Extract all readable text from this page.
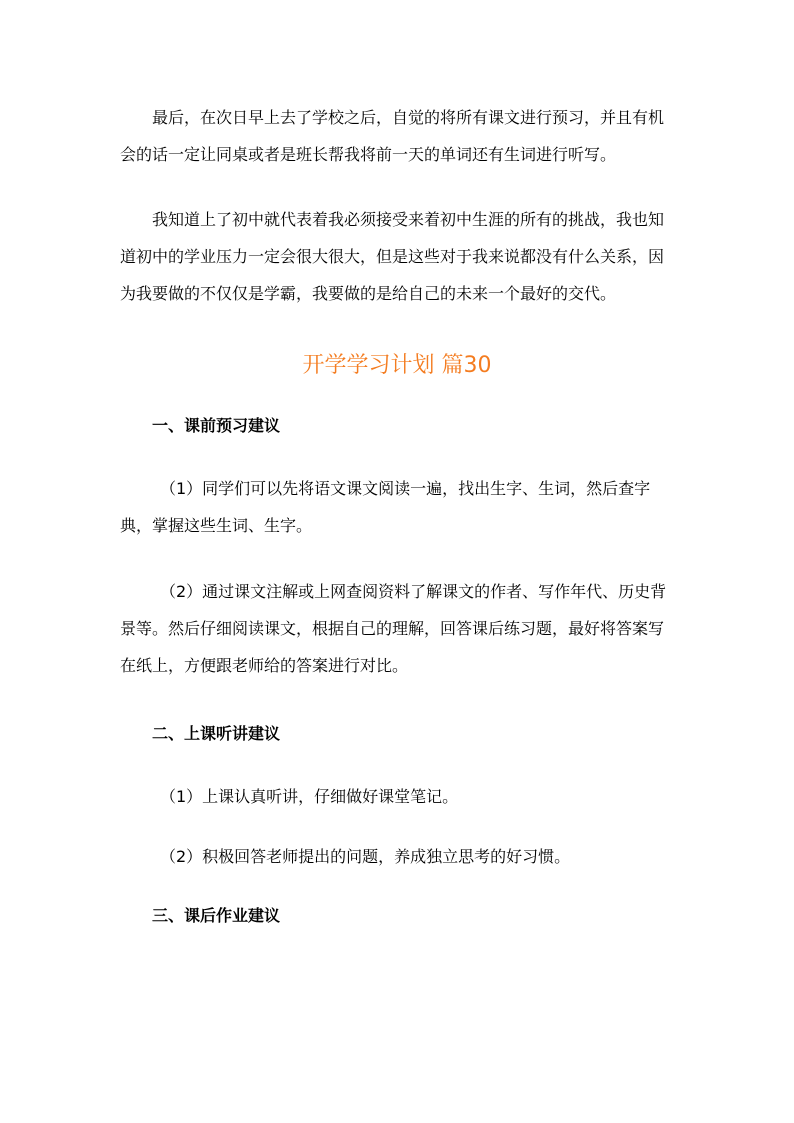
最后，在次日早上去了学校之后，自觉的将所有课文进行预习，并且有机会的话一定让同桌或者是班长帮我将前一天的单词还有生词进行听写。

我知道上了初中就代表着我必须接受来着初中生涯的所有的挑战，我也知道初中的学业压力一定会很大很大，但是这些对于我来说都没有什么关系，因为我要做的不仅仅是学霸，我要做的是给自己的未来一个最好的交代。

开学学习计划 篇30

一、课前预习建议

（1）同学们可以先将语文课文阅读一遍，找出生字、生词，然后查字典，掌握这些生词、生字。

（2）通过课文注解或上网查阅资料了解课文的作者、写作年代、历史背景等。然后仔细阅读课文，根据自己的理解，回答课后练习题，最好将答案写在纸上，方便跟老师给的答案进行对比。

二、上课听讲建议

（1）上课认真听讲，仔细做好课堂笔记。

（2）积极回答老师提出的问题，养成独立思考的好习惯。

三、课后作业建议
